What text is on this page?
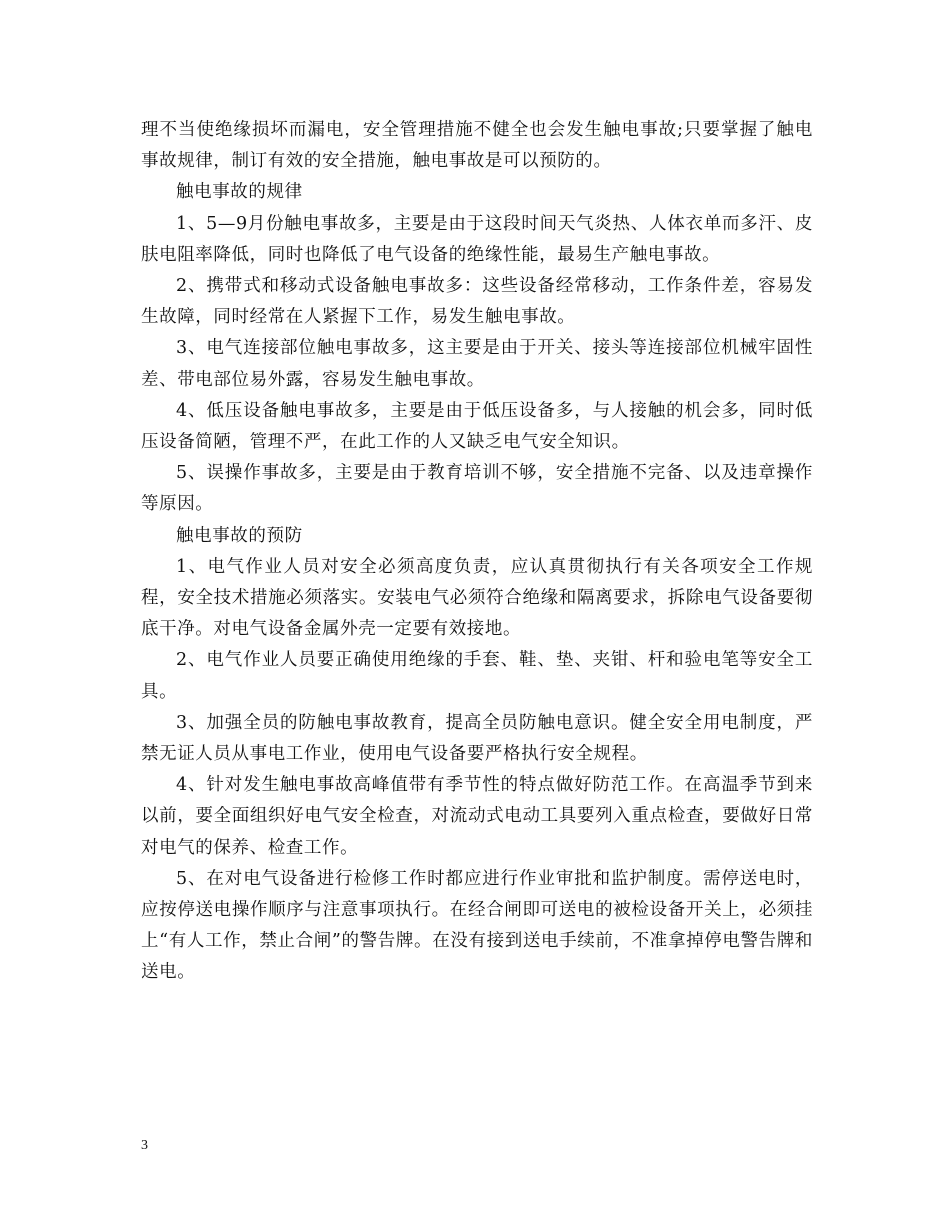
理不当使绝缘损坏而漏电，安全管理措施不健全也会发生触电事故;只要掌握了触电事故规律，制订有效的安全措施，触电事故是可以预防的。

触电事故的规律

1、5—9月份触电事故多，主要是由于这段时间天气炎热、人体衣单而多汗、皮肤电阻率降低，同时也降低了电气设备的绝缘性能，最易生产触电事故。

2、携带式和移动式设备触电事故多：这些设备经常移动，工作条件差，容易发生故障，同时经常在人紧握下工作，易发生触电事故。

3、电气连接部位触电事故多，这主要是由于开关、接头等连接部位机械牢固性差、带电部位易外露，容易发生触电事故。

4、低压设备触电事故多，主要是由于低压设备多，与人接触的机会多，同时低压设备简陋，管理不严，在此工作的人又缺乏电气安全知识。

5、误操作事故多，主要是由于教育培训不够，安全措施不完备、以及违章操作等原因。

触电事故的预防

1、电气作业人员对安全必须高度负责，应认真贯彻执行有关各项安全工作规程，安全技术措施必须落实。安装电气必须符合绝缘和隔离要求，拆除电气设备要彻底干净。对电气设备金属外壳一定要有效接地。

2、电气作业人员要正确使用绝缘的手套、鞋、垫、夹钳、杆和验电笔等安全工具。

3、加强全员的防触电事故教育，提高全员防触电意识。健全安全用电制度，严禁无证人员从事电工作业，使用电气设备要严格执行安全规程。

4、针对发生触电事故高峰值带有季节性的特点做好防范工作。在高温季节到来以前，要全面组织好电气安全检查，对流动式电动工具要列入重点检查，要做好日常对电气的保养、检查工作。

5、在对电气设备进行检修工作时都应进行作业审批和监护制度。需停送电时，应按停送电操作顺序与注意事项执行。在经合闸即可送电的被检设备开关上，必须挂上“有人工作，禁止合闸”的警告牌。在没有接到送电手续前，不准拿掉停电警告牌和送电。

3
